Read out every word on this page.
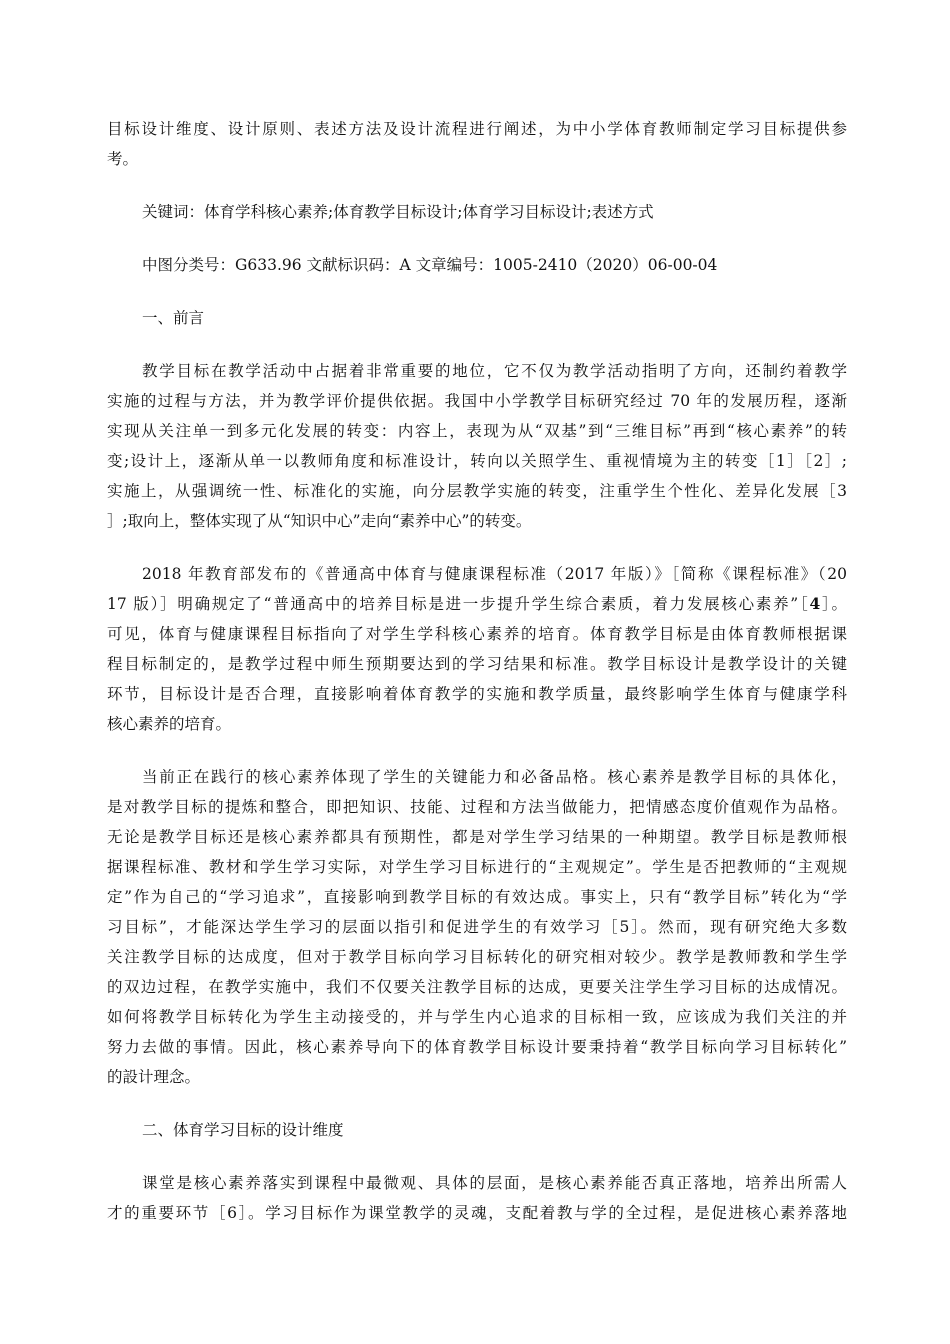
目标设计维度、设计原则、表述方法及设计流程进行阐述，为中小学体育教师制定学习目标提供参
考。
关键词：体育学科核心素养;体育教学目标设计;体育学习目标设计;表述方式
中图分类号：G633.96 文献标识码：A 文章编号：1005-2410（2020）06-00-04
一、前言
教学目标在教学活动中占据着非常重要的地位，它不仅为教学活动指明了方向，还制约着教学
实施的过程与方法，并为教学评价提供依据。我国中小学教学目标研究经过 70 年的发展历程，逐渐
实现从关注单一到多元化发展的转变：内容上，表现为从“双基”到“三维目标”再到“核心素养”的转
变;设计上，逐渐从单一以教师角度和标准设计，转向以关照学生、重视情境为主的转变［1］［2］;
实施上，从强调统一性、标准化的实施，向分层教学实施的转变，注重学生个性化、差异化发展［3
］;取向上，整体实现了从“知识中心”走向“素养中心”的转变。
2018 年教育部发布的《普通高中体育与健康课程标准（2017 年版）》［简称《课程标准》（20
17 版）］明确规定了“普通高中的培养目标是进一步提升学生综合素质，着力发展核心素养”［4］。
可见，体育与健康课程目标指向了对学生学科核心素养的培育。体育教学目标是由体育教师根据课
程目标制定的，是教学过程中师生预期要达到的学习结果和标准。教学目标设计是教学设计的关键
环节，目标设计是否合理，直接影响着体育教学的实施和教学质量，最终影响学生体育与健康学科
核心素养的培育。
当前正在践行的核心素养体现了学生的关键能力和必备品格。核心素养是教学目标的具体化，
是对教学目标的提炼和整合，即把知识、技能、过程和方法当做能力，把情感态度价值观作为品格。
无论是教学目标还是核心素养都具有预期性，都是对学生学习结果的一种期望。教学目标是教师根
据课程标准、教材和学生学习实际，对学生学习目标进行的“主观规定”。学生是否把教师的“主观规
定”作为自己的“学习追求”，直接影响到教学目标的有效达成。事实上，只有“教学目标”转化为“学
习目标”，才能深达学生学习的层面以指引和促进学生的有效学习［5］。然而，现有研究绝大多数
关注教学目标的达成度，但对于教学目标向学习目标转化的研究相对较少。教学是教师教和学生学
的双边过程，在教学实施中，我们不仅要关注教学目标的达成，更要关注学生学习目标的达成情况。
如何将教学目标转化为学生主动接受的，并与学生内心追求的目标相一致，应该成为我们关注的并
努力去做的事情。因此，核心素养导向下的体育教学目标设计要秉持着“教学目标向学习目标转化”
的設计理念。
二、体育学习目标的设计维度
课堂是核心素养落实到课程中最微观、具体的层面，是核心素养能否真正落地，培养出所需人
才的重要环节［6］。学习目标作为课堂教学的灵魂，支配着教与学的全过程，是促进核心素养落地
